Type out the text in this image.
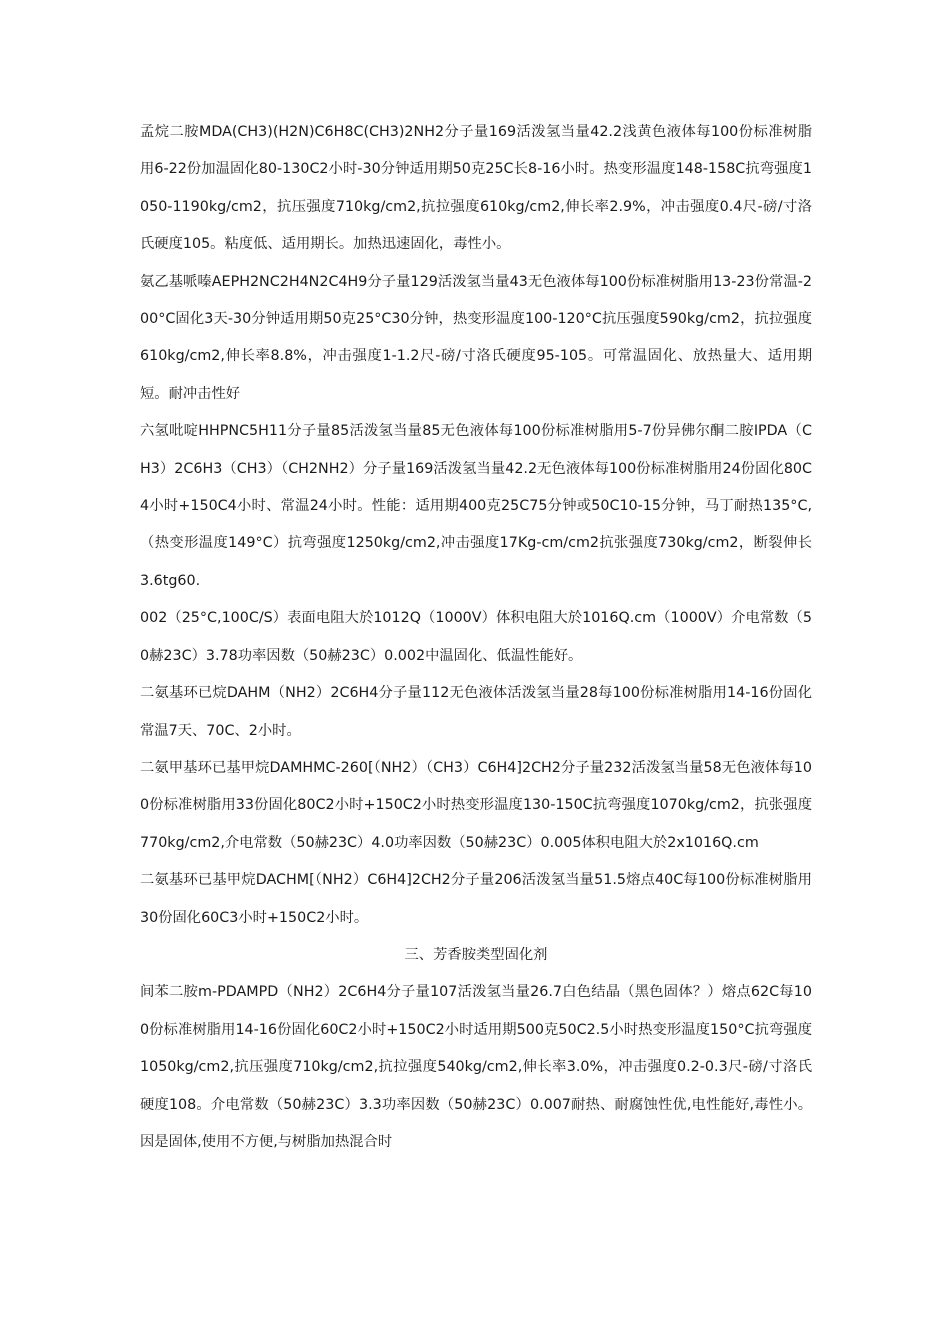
孟烷二胺MDA(CH3)(H2N)C6H8C(CH3)2NH2分子量169活泼氢当量42.2浅黄色液体每100份标准树脂用6-22份加温固化80-130C2小时-30分钟适用期50克25C长8-16小时。热变形温度148-158C抗弯强度1050-1190kg/cm2，抗压强度710kg/cm2,抗拉强度610kg/cm2,伸长率2.9%，冲击强度0.4尺-磅/寸洛氏硬度105。粘度低、适用期长。加热迅速固化，毒性小。

氨乙基哌嗪AEPH2NC2H4N2C4H9分子量129活泼氢当量43无色液体每100份标准树脂用13-23份常温-200°C固化3天-30分钟适用期50克25°C30分钟，热变形温度100-120°C抗压强度590kg/cm2，抗拉强度610kg/cm2,伸长率8.8%，冲击强度1-1.2尺-磅/寸洛氏硬度95-105。可常温固化、放热量大、适用期短。耐冲击性好

六氢吡啶HHPNC5H11分子量85活泼氢当量85无色液体每100份标准树脂用5-7份异佛尔酮二胺IPDA（CH3）2C6H3（CH3）（CH2NH2）分子量169活泼氢当量42.2无色液体每100份标准树脂用24份固化80C4小时+150C4小时、常温24小时。性能：适用期400克25C75分钟或50C10-15分钟，马丁耐热135°C,（热变形温度149°C）抗弯强度1250kg/cm2,冲击强度17Kg-cm/cm2抗张强度730kg/cm2，断裂伸长3.6tg60.

002（25°C,100C/S）表面电阻大於1012Q（1000V）体积电阻大於1016Q.cm（1000V）介电常数（50赫23C）3.78功率因数（50赫23C）0.002中温固化、低温性能好。

二氨基环已烷DAHM（NH2）2C6H4分子量112无色液体活泼氢当量28每100份标准树脂用14-16份固化常温7天、70C、2小时。

二氨甲基环已基甲烷DAMHMC-260[（NH2）（CH3）C6H4]2CH2分子量232活泼氢当量58无色液体每100份标准树脂用33份固化80C2小时+150C2小时热变形温度130-150C抗弯强度1070kg/cm2，抗张强度770kg/cm2,介电常数（50赫23C）4.0功率因数（50赫23C）0.005体积电阻大於2x1016Q.cm

二氨基环已基甲烷DACHM[（NH2）C6H4]2CH2分子量206活泼氢当量51.5熔点40C每100份标准树脂用30份固化60C3小时+150C2小时。

三、芳香胺类型固化剂

间苯二胺m-PDAMPD（NH2）2C6H4分子量107活泼氢当量26.7白色结晶（黑色固体？）熔点62C每100份标准树脂用14-16份固化60C2小时+150C2小时适用期500克50C2.5小时热变形温度150°C抗弯强度1050kg/cm2,抗压强度710kg/cm2,抗拉强度540kg/cm2,伸长率3.0%，冲击强度0.2-0.3尺-磅/寸洛氏硬度108。介电常数（50赫23C）3.3功率因数（50赫23C）0.007耐热、耐腐蚀性优,电性能好,毒性小。因是固体,使用不方便,与树脂加热混合时
